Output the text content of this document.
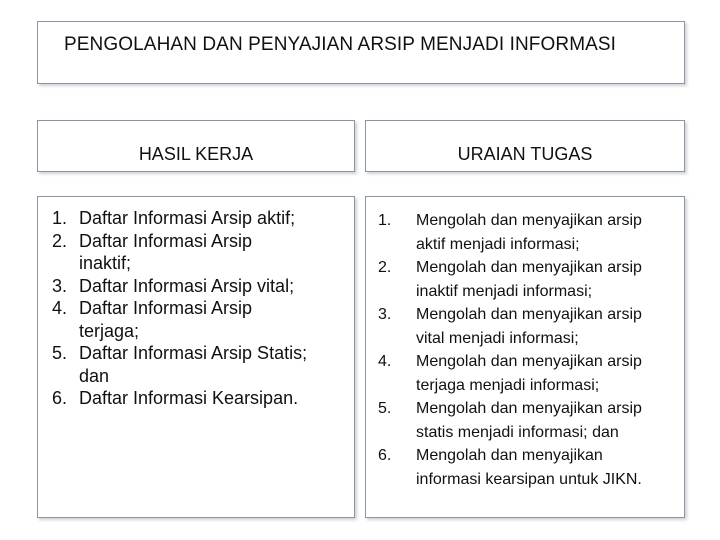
PENGOLAHAN DAN PENYAJIAN ARSIP MENJADI INFORMASI
HASIL KERJA	URAIAN TUGAS
1. Daftar Informasi Arsip aktif;
2. Daftar Informasi Arsip
inaktif;
3. Daftar Informasi Arsip vital;
4. Daftar Informasi Arsip
terjaga;
5. Daftar Informasi Arsip Statis;
dan
6. Daftar Informasi Kearsipan.
1. Mengolah dan menyajikan arsip
aktif menjadi informasi;
2. Mengolah dan menyajikan arsip
inaktif menjadi informasi;
3. Mengolah dan menyajikan arsip
vital menjadi informasi;
4. Mengolah dan menyajikan arsip
terjaga menjadi informasi;
5. Mengolah dan menyajikan arsip
statis menjadi informasi; dan
6. Mengolah dan menyajikan
informasi kearsipan untuk JIKN.
